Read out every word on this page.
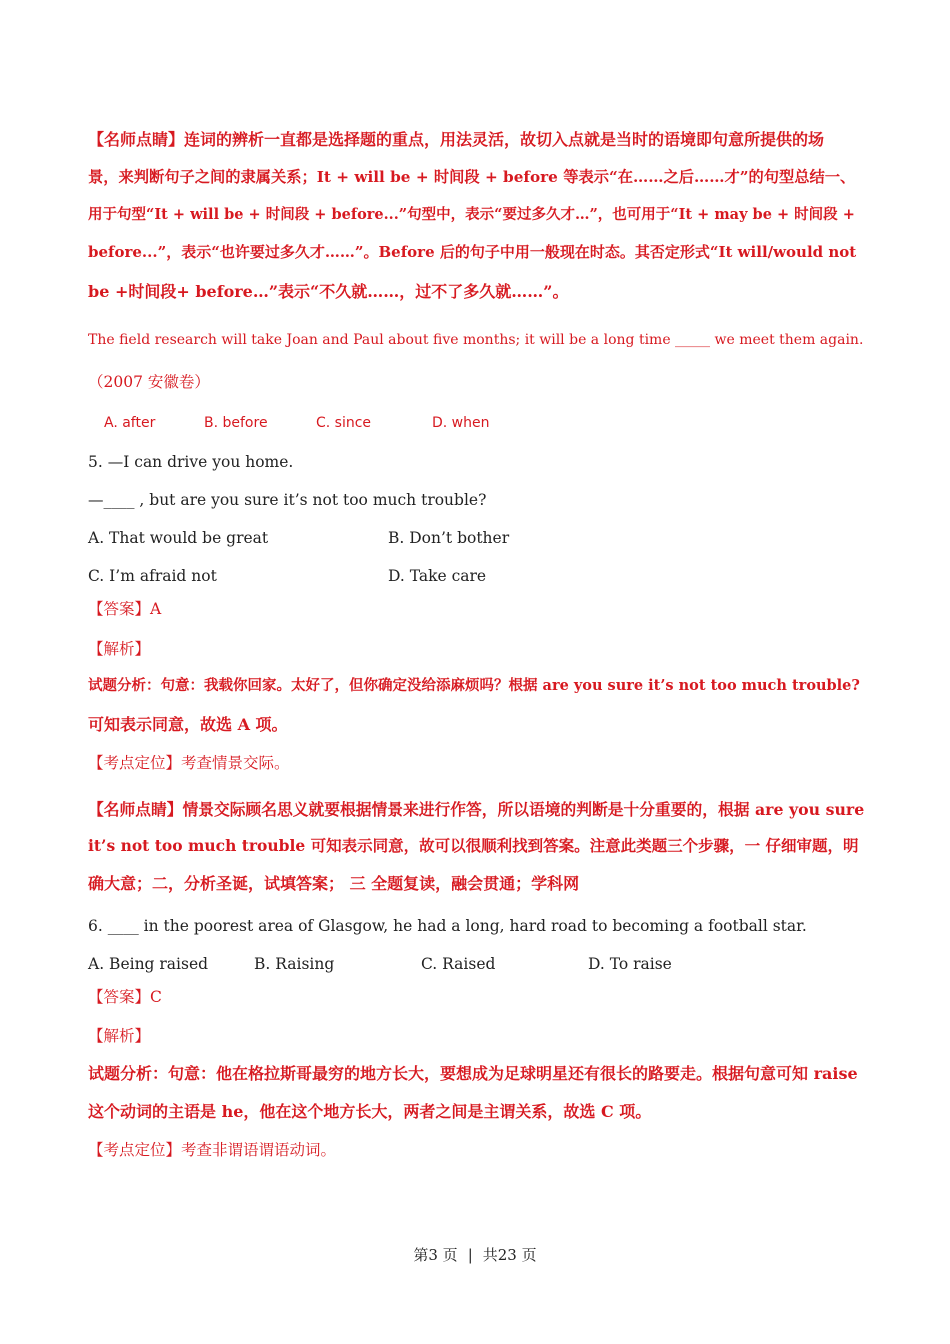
【名师点睛】连词的辨析一直都是选择题的重点，用法灵活，故切入点就是当时的语境即句意所提供的场
景，来判断句子之间的隶属关系；It + will be + 时间段 + before 等表示“在……之后……才”的句型总结一、
用于句型“It + will be + 时间段 + before...”句型中，表示“要过多久才…”，也可用于“It + may be + 时间段 +
before...”，表示“也许要过多久才……”。Before 后的句子中用一般现在时态。其否定形式“It will/would not
be +时间段+ before…”表示“不久就……，过不了多久就……”。
The field research will take Joan and Paul about five months; it will be a long time _____ we meet them again.
（2007 安徽卷）
A. after	B. before	C. since	D. when
5. —I can drive you home.
—____ , but are you sure it’s not too much trouble?
A. That would be great	B. Don’t bother
C. I’m afraid not	D. Take care
【答案】A
【解析】
试题分析：句意：我载你回家。太好了，但你确定没给添麻烦吗？根据 are you sure it’s not too much trouble?
可知表示同意，故选 A 项。
【考点定位】考查情景交际。
【名师点睛】情景交际顾名思义就要根据情景来进行作答，所以语境的判断是十分重要的，根据 are you sure
it’s not too much trouble 可知表示同意，故可以很顺利找到答案。注意此类题三个步骤，一 仔细审题，明
确大意；二，分析圣诞，试填答案； 三 全题复读，融会贯通；学科网
6. ____ in the poorest area of Glasgow, he had a long, hard road to becoming a football star.
A. Being raised	B. Raising	C. Raised	D. To raise
【答案】C
【解析】
试题分析：句意：他在格拉斯哥最穷的地方长大，要想成为足球明星还有很长的路要走。根据句意可知 raise
这个动词的主语是 he，他在这个地方长大，两者之间是主谓关系，故选 C 项。
【考点定位】考查非谓语谓语动词。
第3 页 | 共23 页
